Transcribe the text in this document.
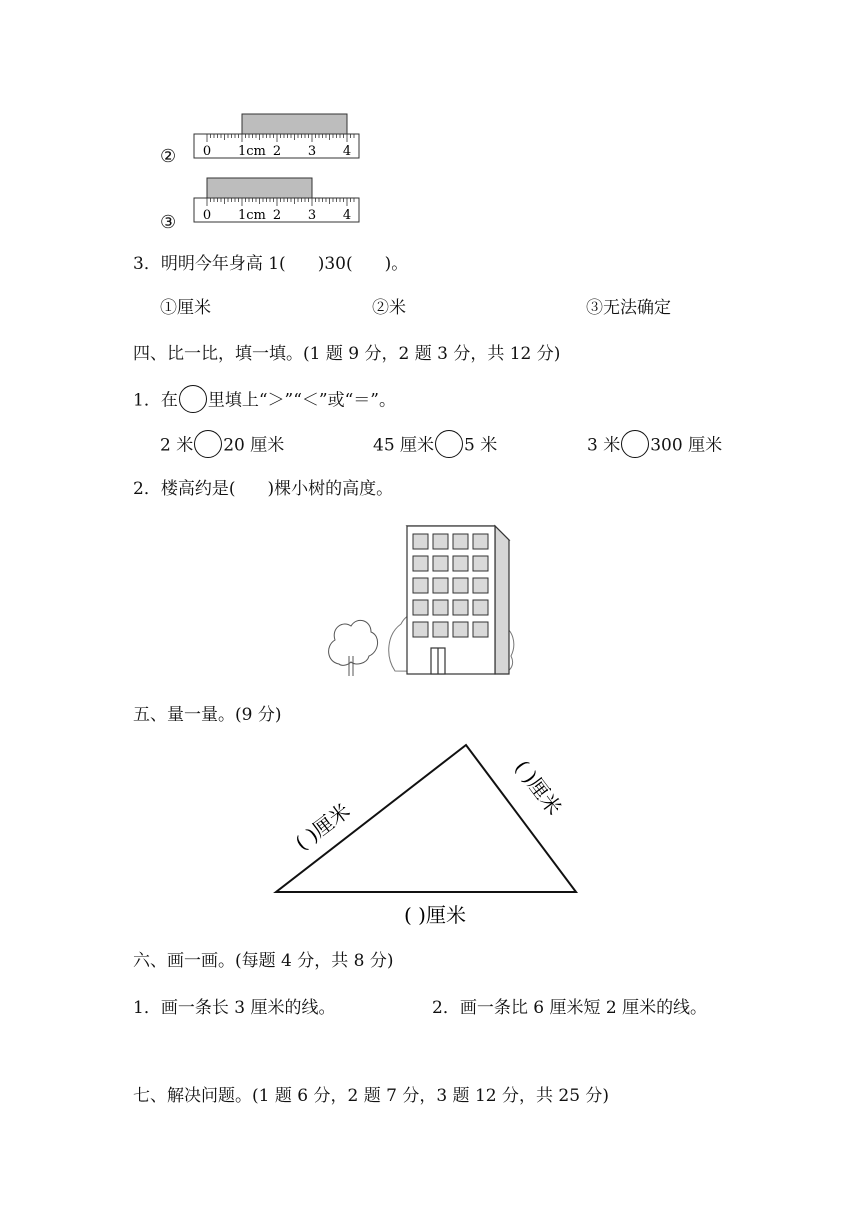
② 0 1cm 2 3 4
③ 0 1cm 2 3 4
3．明明今年身高 1( )30( )。
①厘米	②米	③无法确定
四、比一比，填一填。(1 题 9 分，2 题 3 分，共 12 分)
1．在 里填上“＞”“＜”或“＝”。
2 米 20 厘米	45 厘米 5 米	3 米 300 厘米
2．楼高约是( )棵小树的高度。
五、量一量。(9 分)
( )厘米
( )厘米
( )厘米
六、画一画。(每题 4 分，共 8 分)
1．画一条长 3 厘米的线。	2．画一条比 6 厘米短 2 厘米的线。
七、解决问题。(1 题 6 分，2 题 7 分，3 题 12 分，共 25 分)
